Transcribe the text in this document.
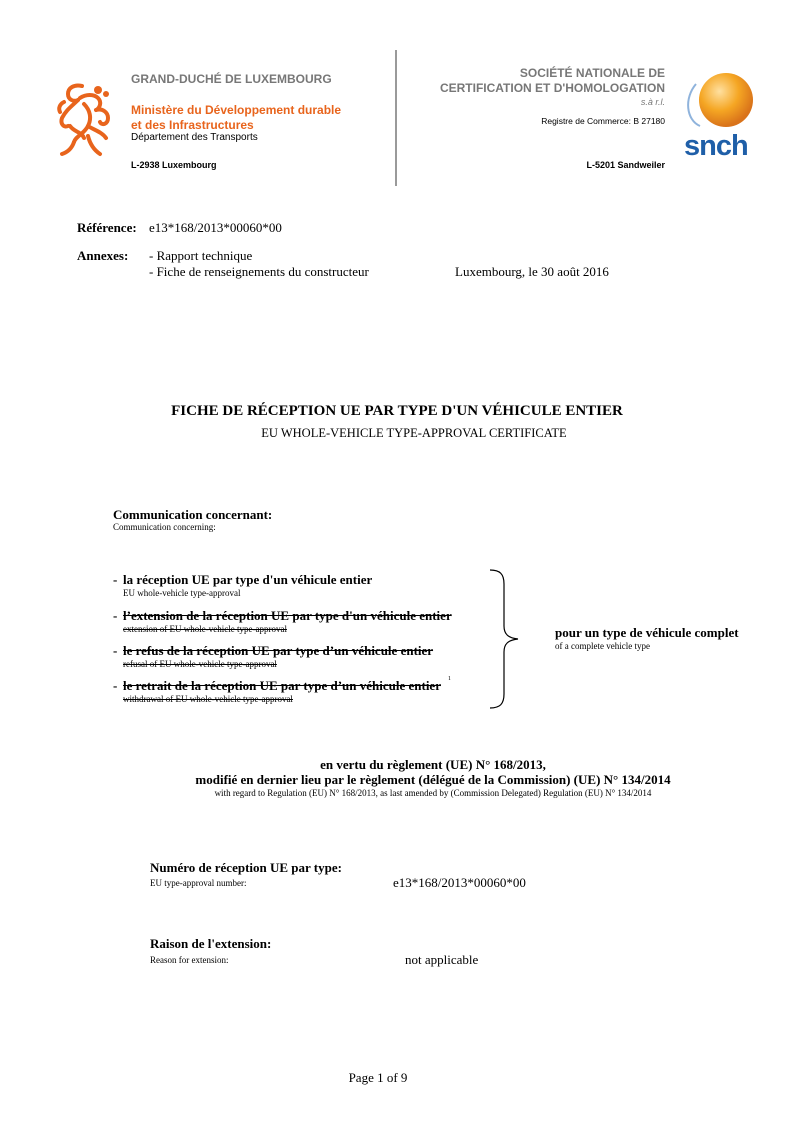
GRAND-DUCHÉ DE LUXEMBOURG
Ministère du Développement durable
et des Infrastructures
Département des Transports
L-2938 Luxembourg
SOCIÉTÉ NATIONALE DE
CERTIFICATION ET D'HOMOLOGATION
s.à r.l.
Registre de Commerce: B 27180
L-5201 Sandweiler
snch
Référence: e13*168/2013*00060*00
Annexes: - Rapport technique
- Fiche de renseignements du constructeur	Luxembourg, le 30 août 2016
FICHE DE RÉCEPTION UE PAR TYPE D'UN VÉHICULE ENTIER
EU WHOLE-VEHICLE TYPE-APPROVAL CERTIFICATE
Communication concernant:
Communication concerning:
- la réception UE par type d'un véhicule entier
EU whole-vehicle type-approval
- l’extension de la réception UE par type d'un véhicule entier
extension of EU whole-vehicle type-approval
- le refus de la réception UE par type d’un véhicule entier
refusal of EU whole-vehicle type-approval
- le retrait de la réception UE par type d’un véhicule entier 1
withdrawal of EU whole-vehicle type-approval
pour un type de véhicule complet
of a complete vehicle type
en vertu du règlement (UE) N° 168/2013,
modifié en dernier lieu par le règlement (délégué de la Commission) (UE) N° 134/2014
with regard to Regulation (EU) N° 168/2013, as last amended by (Commission Delegated) Regulation (EU) N° 134/2014
Numéro de réception UE par type:
EU type-approval number:	e13*168/2013*00060*00
Raison de l'extension:
Reason for extension:	not applicable
Page 1 of 9
